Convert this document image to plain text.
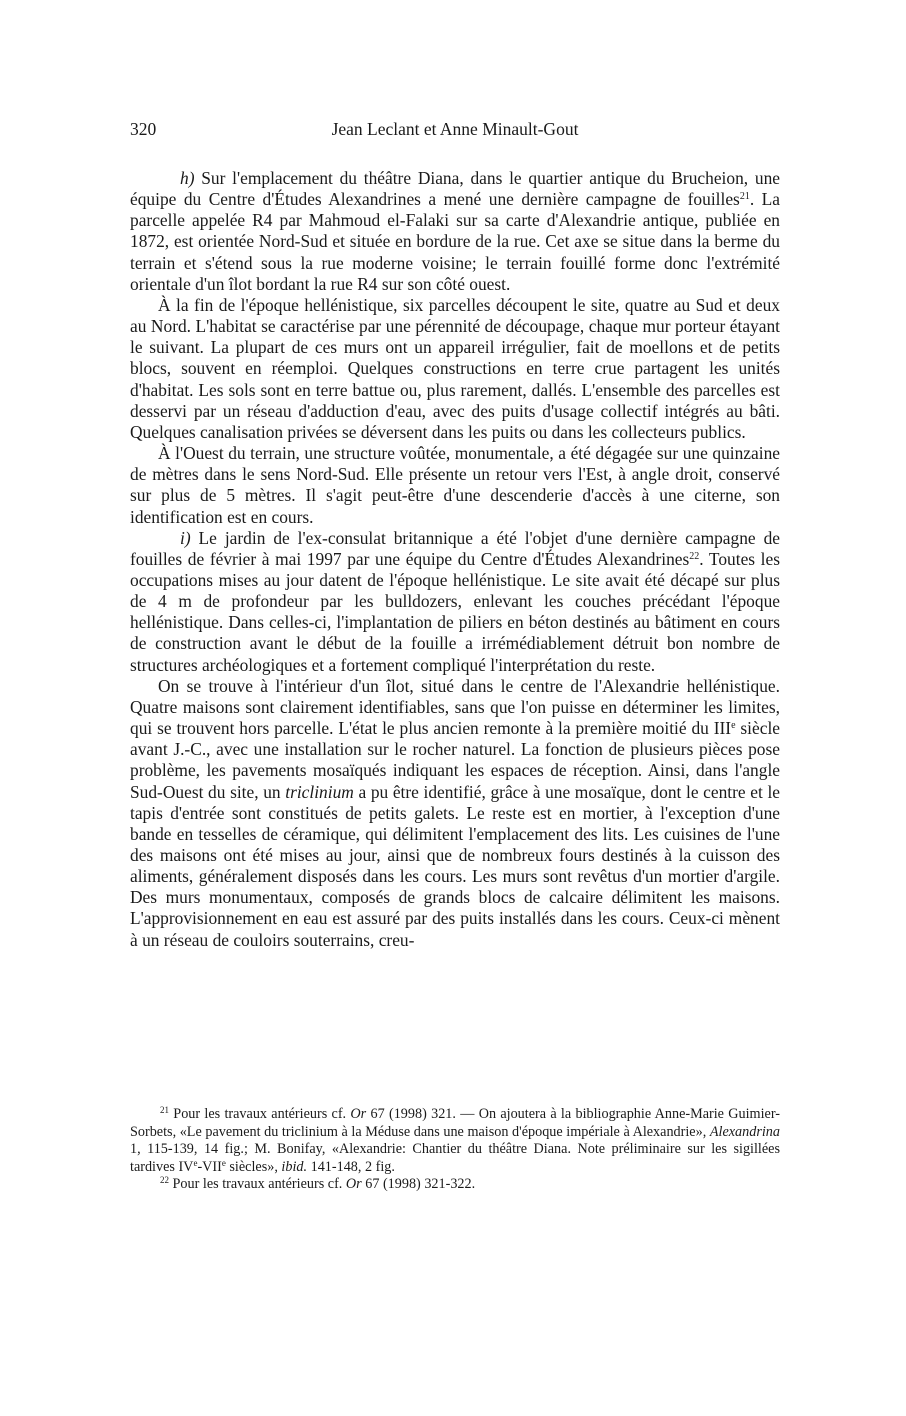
320	Jean Leclant et Anne Minault-Gout

h) Sur l'emplacement du théâtre Diana, dans le quartier antique du Brucheion, une équipe du Centre d'Études Alexandrines a mené une dernière campagne de fouilles$^{21}$. La parcelle appelée R4 par Mahmoud el-Falaki sur sa carte d'Alexandrie antique, publiée en 1872, est orientée Nord-Sud et située en bordure de la rue. Cet axe se situe dans la berme du terrain et s'étend sous la rue moderne voisine; le terrain fouillé forme donc l'extrémité orientale d'un îlot bordant la rue R4 sur son côté ouest.

À la fin de l'époque hellénistique, six parcelles découpent le site, quatre au Sud et deux au Nord. L'habitat se caractérise par une pérennité de découpage, chaque mur porteur étayant le suivant. La plupart de ces murs ont un appareil irrégulier, fait de moellons et de petits blocs, souvent en réemploi. Quelques constructions en terre crue partagent les unités d'habitat. Les sols sont en terre battue ou, plus rarement, dallés. L'ensemble des parcelles est desservi par un réseau d'adduction d'eau, avec des puits d'usage collectif intégrés au bâti. Quelques canalisation privées se déversent dans les puits ou dans les collecteurs publics.

À l'Ouest du terrain, une structure voûtée, monumentale, a été dégagée sur une quinzaine de mètres dans le sens Nord-Sud. Elle présente un retour vers l'Est, à angle droit, conservé sur plus de 5 mètres. Il s'agit peut-être d'une descenderie d'accès à une citerne, son identification est en cours.

i) Le jardin de l'ex-consulat britannique a été l'objet d'une dernière campagne de fouilles de février à mai 1997 par une équipe du Centre d'Études Alexandrines$^{22}$. Toutes les occupations mises au jour datent de l'époque hellénistique. Le site avait été décapé sur plus de 4 m de profondeur par les bulldozers, enlevant les couches précédant l'époque hellénistique. Dans celles-ci, l'implantation de piliers en béton destinés au bâtiment en cours de construction avant le début de la fouille a irrémédiablement détruit bon nombre de structures archéologiques et a fortement compliqué l'interprétation du reste.

On se trouve à l'intérieur d'un îlot, situé dans le centre de l'Alexandrie hellénistique. Quatre maisons sont clairement identifiables, sans que l'on puisse en déterminer les limites, qui se trouvent hors parcelle. L'état le plus ancien remonte à la première moitié du IIIe siècle avant J.-C., avec une installation sur le rocher naturel. La fonction de plusieurs pièces pose problème, les pavements mosaïqués indiquant les espaces de réception. Ainsi, dans l'angle Sud-Ouest du site, un triclinium a pu être identifié, grâce à une mosaïque, dont le centre et le tapis d'entrée sont constitués de petits galets. Le reste est en mortier, à l'exception d'une bande en tesselles de céramique, qui délimitent l'emplacement des lits. Les cuisines de l'une des maisons ont été mises au jour, ainsi que de nombreux fours destinés à la cuisson des aliments, généralement disposés dans les cours. Les murs sont revêtus d'un mortier d'argile. Des murs monumentaux, composés de grands blocs de calcaire délimitent les maisons. L'approvisionnement en eau est assuré par des puits installés dans les cours. Ceux-ci mènent à un réseau de couloirs souterrains, creu-

$^{21}$ Pour les travaux antérieurs cf. Or 67 (1998) 321. — On ajoutera à la bibliographie Anne-Marie Guimier-Sorbets, «Le pavement du triclinium à la Méduse dans une maison d'époque impériale à Alexandrie», Alexandrina 1, 115-139, 14 fig.; M. Bonifay, «Alexandrie: Chantier du théâtre Diana. Note préliminaire sur les sigillées tardives IVe-VIIe siècles», ibid. 141-148, 2 fig.

$^{22}$ Pour les travaux antérieurs cf. Or 67 (1998) 321-322.
